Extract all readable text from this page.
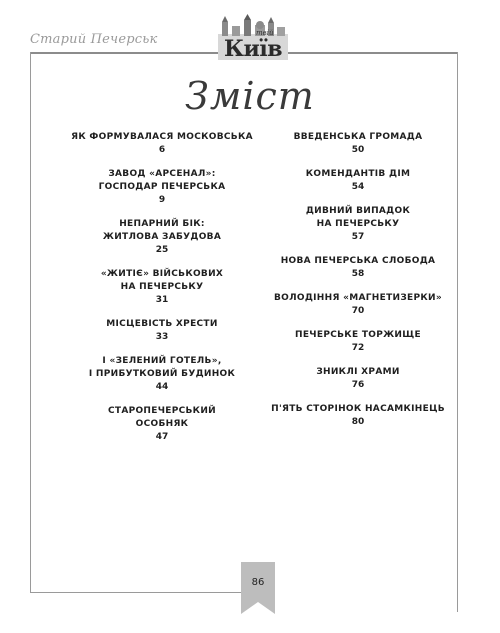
Старий Печерськ	твій
Київ
Зміст
ЯК ФОРМУВАЛАСЯ МОСКОВСЬКА
6
ЗАВОД «АРСЕНАЛ»:
ГОСПОДАР ПЕЧЕРСЬКА
9
НЕПАРНИЙ БІК:
ЖИТЛОВА ЗАБУДОВА
25
«ЖИТІЄ» ВІЙСЬКОВИХ
НА ПЕЧЕРСЬКУ
31
МІСЦЕВІСТЬ ХРЕСТИ
33
І «ЗЕЛЕНИЙ ГОТЕЛЬ»,
І ПРИБУТКОВИЙ БУДИНОК
44
СТАРОПЕЧЕРСЬКИЙ
ОСОБНЯК
47
ВВЕДЕНСЬКА ГРОМАДА
50
КОМЕНДАНТІВ ДІМ
54
ДИВНИЙ ВИПАДОК
НА ПЕЧЕРСЬКУ
57
НОВА ПЕЧЕРСЬКА СЛОБОДА
58
ВОЛОДІННЯ «МАГНЕТИЗЕРКИ»
70
ПЕЧЕРСЬКЕ ТОРЖИЩЕ
72
ЗНИКЛІ ХРАМИ
76
П'ЯТЬ СТОРІНОК НАСАМКІНЕЦЬ
80
86
